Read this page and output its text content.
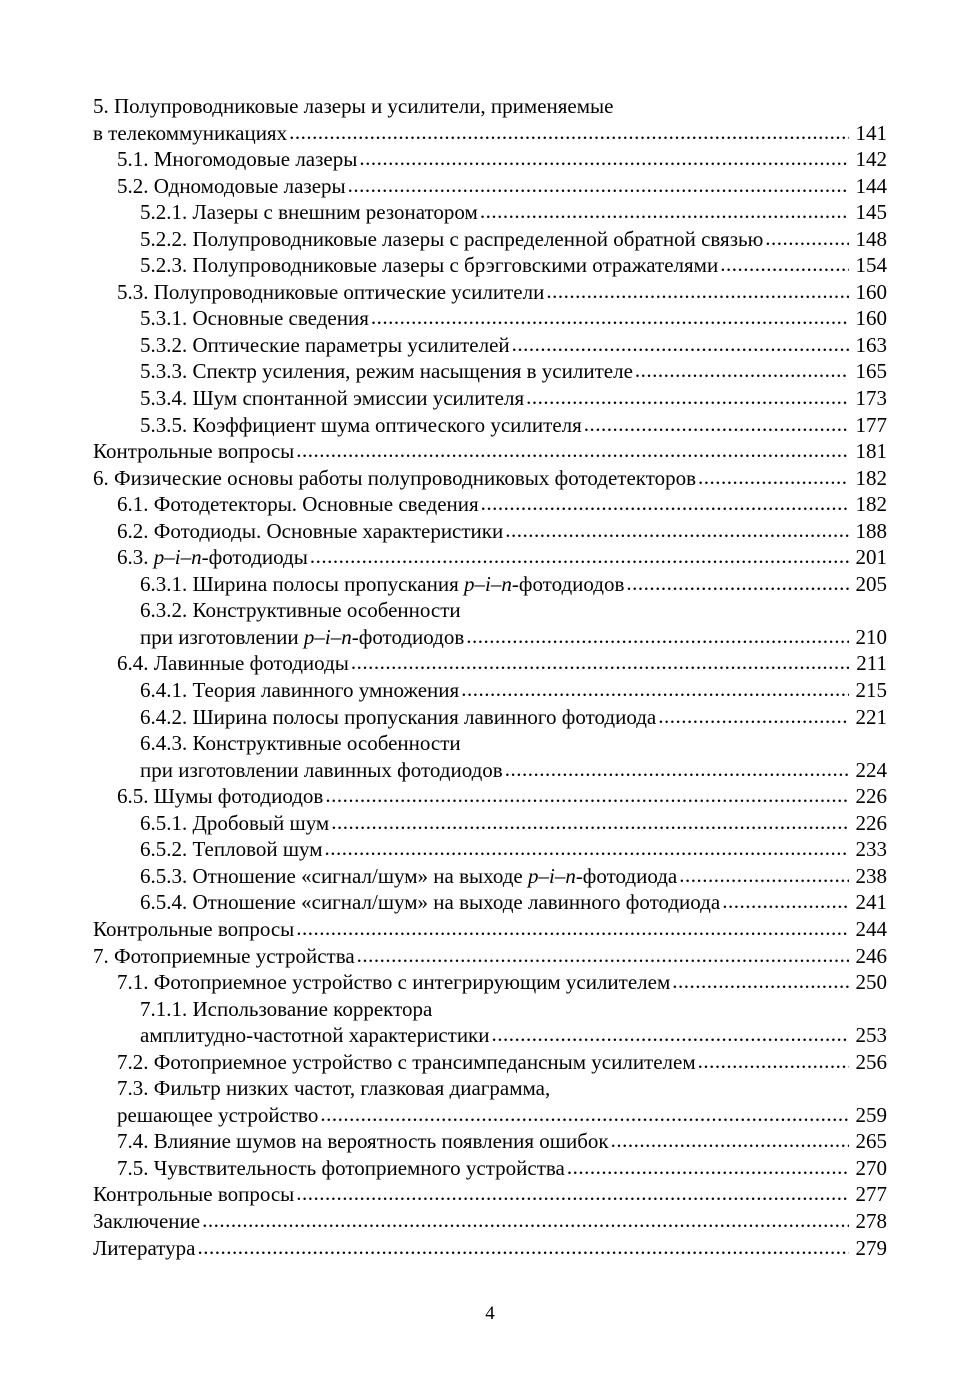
5. Полупроводниковые лазеры и усилители, применяемые
в телекоммуникациях .....	141
5.1. Многомодовые лазеры .....	142
5.2. Одномодовые лазеры .....	144
5.2.1. Лазеры с внешним резонатором .....	145
5.2.2. Полупроводниковые лазеры с распределенной обратной связью .....	148
5.2.3. Полупроводниковые лазеры с брэгговскими отражателями .....	154
5.3. Полупроводниковые оптические усилители .....	160
5.3.1. Основные сведения .....	160
5.3.2. Оптические параметры усилителей .....	163
5.3.3. Спектр усиления, режим насыщения в усилителе .....	165
5.3.4. Шум спонтанной эмиссии усилителя .....	173
5.3.5. Коэффициент шума оптического усилителя .....	177
Контрольные вопросы .....	181
6. Физические основы работы полупроводниковых фотодетекторов .....	182
6.1. Фотодетекторы. Основные сведения .....	182
6.2. Фотодиоды. Основные характеристики .....	188
6.3. p–i–n-фотодиоды .....	201
6.3.1. Ширина полосы пропускания p–i–n-фотодиодов .....	205
6.3.2. Конструктивные особенности
при изготовлении p–i–n-фотодиодов .....	210
6.4. Лавинные фотодиоды .....	211
6.4.1. Теория лавинного умножения .....	215
6.4.2. Ширина полосы пропускания лавинного фотодиода .....	221
6.4.3. Конструктивные особенности
при изготовлении лавинных фотодиодов .....	224
6.5. Шумы фотодиодов .....	226
6.5.1. Дробовый шум .....	226
6.5.2. Тепловой шум .....	233
6.5.3. Отношение «сигнал/шум» на выходе p–i–n-фотодиода .....	238
6.5.4. Отношение «сигнал/шум» на выходе лавинного фотодиода .....	241
Контрольные вопросы .....	244
7. Фотоприемные устройства .....	246
7.1. Фотоприемное устройство с интегрирующим усилителем .....	250
7.1.1. Использование корректора
амплитудно-частотной характеристики .....	253
7.2. Фотоприемное устройство с трансимпедансным усилителем .....	256
7.3. Фильтр низких частот, глазковая диаграмма,
решающее устройство .....	259
7.4. Влияние шумов на вероятность появления ошибок .....	265
7.5. Чувствительность фотоприемного устройства .....	270
Контрольные вопросы .....	277
Заключение .....	278
Литература .....	279
4
